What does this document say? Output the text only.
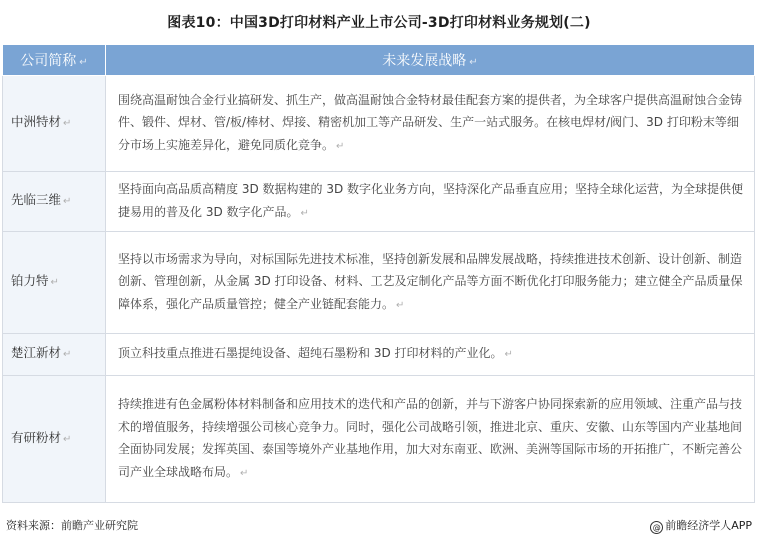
图表10：中国3D打印材料产业上市公司-3D打印材料业务规划(二)
公司简称 ↵	未来发展战略 ↵
中洲特材 ↵	围绕高温耐蚀合金行业搞研发、抓生产，做高温耐蚀合金特材最佳配套方案的提供者，为全球客户提供高温耐蚀合金铸件、锻件、焊材、管/板/棒材、焊接、精密机加工等产品研发、生产一站式服务。在核电焊材/阀门、3D 打印粉末等细分市场上实施差异化，避免同质化竞争。 ↵
先临三维 ↵	坚持面向高品质高精度 3D 数据构建的 3D 数字化业务方向，坚持深化产品垂直应用；坚持全球化运营，为全球提供便捷易用的普及化 3D 数字化产品。 ↵
铂力特 ↵	坚持以市场需求为导向，对标国际先进技术标准，坚持创新发展和品牌发展战略，持续推进技术创新、设计创新、制造创新、管理创新，从金属 3D 打印设备、材料、工艺及定制化产品等方面不断优化打印服务能力；建立健全产品质量保障体系，强化产品质量管控；健全产业链配套能力。 ↵
楚江新材 ↵	顶立科技重点推进石墨提纯设备、超纯石墨粉和 3D 打印材料的产业化。 ↵
有研粉材 ↵	持续推进有色金属粉体材料制备和应用技术的迭代和产品的创新，并与下游客户协同探索新的应用领域、注重产品与技术的增值服务，持续增强公司核心竞争力。同时，强化公司战略引领，推进北京、重庆、安徽、山东等国内产业基地间全面协同发展；发挥英国、泰国等境外产业基地作用，加大对东南亚、欧洲、美洲等国际市场的开拓推广，不断完善公司产业全球战略布局。 ↵
资料来源：前瞻产业研究院	@ 前瞻经济学人APP
